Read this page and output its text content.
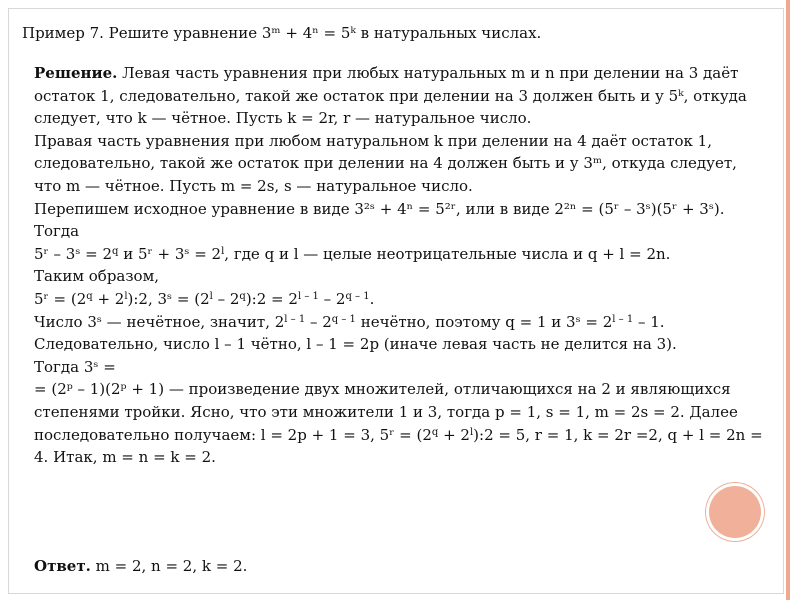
Пример 7. Решите уравнение 3ᵐ + 4ⁿ = 5ᵏ в натуральных числах.

Решение. Левая часть уравнения при любых натуральных m и n при делении на 3 даёт остаток 1, следовательно, такой же остаток при делении на 3 должен быть и у 5ᵏ, откуда следует, что k — чётное. Пусть k = 2r, r — натуральное число.

Правая часть уравнения при любом натуральном k при делении на 4 даёт остаток 1, следовательно, такой же остаток при делении на 4 должен быть и у 3ᵐ, откуда следует, что m — чётное. Пусть m = 2s, s — натуральное число.

Перепишем исходное уравнение в виде 3²ˢ + 4ⁿ = 5²ʳ, или в виде 2²ⁿ = (5ʳ – 3ˢ)(5ʳ + 3ˢ). Тогда

5ʳ – 3ˢ = $2^q$ и 5ʳ + 3ˢ = $2^l$, где q и l — целые неотрицательные числа и q + l = 2n.

Таким образом,

5ʳ = ($2^q$ + $2^l):2$, 3ˢ = ($2^l$ – $2^q):2 = 2^{l - 1} - 2^{q - 1}$.

Число 3ˢ — нечётное, значит, 2$^{l - 1}$ – 2$^{q - 1}$ нечётно, поэтому q = 1 и 3ˢ = $2^{l - 1} - 1$.

Следовательно, число l – 1 чётно, l – 1 = 2p (иначе левая часть не делится на 3).

Тогда 3ˢ =

= (2ᵖ – 1)(2ᵖ + 1) — произведение двух множителей, отличающихся на 2 и являющихся степенями тройки. Ясно, что эти множители 1 и 3, тогда p = 1, s = 1, m = 2s = 2. Далее последовательно получаем: l = 2p + 1 = 3, 5ʳ = ($2^q$ + $2^l):2 = 5$, r = 1, k = 2r =2, q + l = 2n = 4. Итак, m = n = k = 2.

Ответ. m = 2, n = 2, k = 2.
